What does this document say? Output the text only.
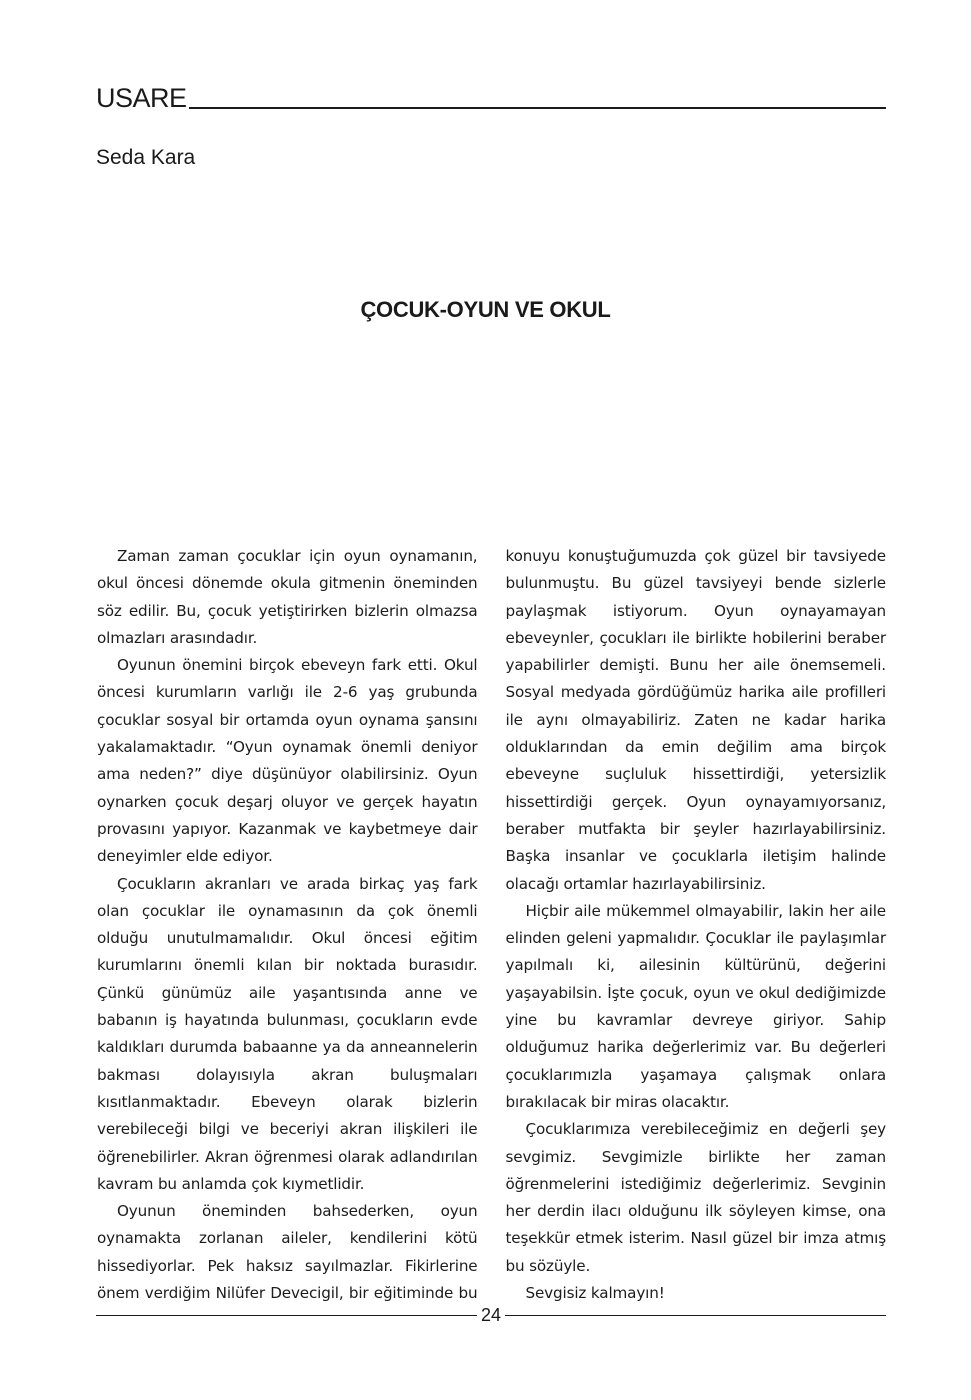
USARE
Seda Kara
ÇOCUK-OYUN VE OKUL

Zaman zaman çocuklar için oyun oynamanın, okul öncesi dönemde okula gitmenin öneminden söz edilir. Bu, çocuk yetiştirirken bizlerin olmazsa olmazları arasındadır.

Oyunun önemini birçok ebeveyn fark etti. Okul öncesi kurumların varlığı ile 2-6 yaş grubunda çocuklar sosyal bir ortamda oyun oynama şansını yakalamaktadır. “Oyun oynamak önemli deniyor ama neden?” diye düşünüyor olabilirsiniz. Oyun oynarken çocuk deşarj oluyor ve gerçek hayatın provasını yapıyor. Kazanmak ve kaybetmeye dair deneyimler elde ediyor.

Çocukların akranları ve arada birkaç yaş fark olan çocuklar ile oynamasının da çok önemli olduğu unutulmamalıdır. Okul öncesi eğitim kurumlarını önemli kılan bir noktada burasıdır. Çünkü günümüz aile yaşantısında anne ve babanın iş hayatında bulunması, çocukların evde kaldıkları durumda babaanne ya da anneannelerin bakması dolayısıyla akran buluşmaları kısıtlanmaktadır. Ebeveyn olarak bizlerin verebileceği bilgi ve beceriyi akran ilişkileri ile öğrenebilirler. Akran öğrenmesi olarak adlandırılan kavram bu anlamda çok kıymetlidir.

Oyunun öneminden bahsederken, oyun oynamakta zorlanan aileler, kendilerini kötü hissediyorlar. Pek haksız sayılmazlar. Fikirlerine önem verdiğim Nilüfer Devecigil, bir eğitiminde bu konuyu konuştuğumuzda çok güzel bir tavsiyede bulunmuştu. Bu güzel tavsiyeyi bende sizlerle paylaşmak istiyorum. Oyun oynayamayan ebeveynler, çocukları ile birlikte hobilerini beraber yapabilirler demişti. Bunu her aile önemsemeli. Sosyal medyada gördüğümüz harika aile profilleri ile aynı olmayabiliriz. Zaten ne kadar harika olduklarından da emin değilim ama birçok ebeveyne suçluluk hissettirdiği, yetersizlik hissettirdiği gerçek. Oyun oynayamıyorsanız, beraber mutfakta bir şeyler hazırlayabilirsiniz. Başka insanlar ve çocuklarla iletişim halinde olacağı ortamlar hazırlayabilirsiniz.

Hiçbir aile mükemmel olmayabilir, lakin her aile elinden geleni yapmalıdır. Çocuklar ile paylaşımlar yapılmalı ki, ailesinin kültürünü, değerini yaşayabilsin. İşte çocuk, oyun ve okul dediğimizde yine bu kavramlar devreye giriyor. Sahip olduğumuz harika değerlerimiz var. Bu değerleri çocuklarımızla yaşamaya çalışmak onlara bırakılacak bir miras olacaktır.

Çocuklarımıza verebileceğimiz en değerli şey sevgimiz. Sevgimizle birlikte her zaman öğrenmelerini istediğimiz değerlerimiz. Sevginin her derdin ilacı olduğunu ilk söyleyen kimse, ona teşekkür etmek isterim. Nasıl güzel bir imza atmış bu sözüyle.

Sevgisiz kalmayın!

24
